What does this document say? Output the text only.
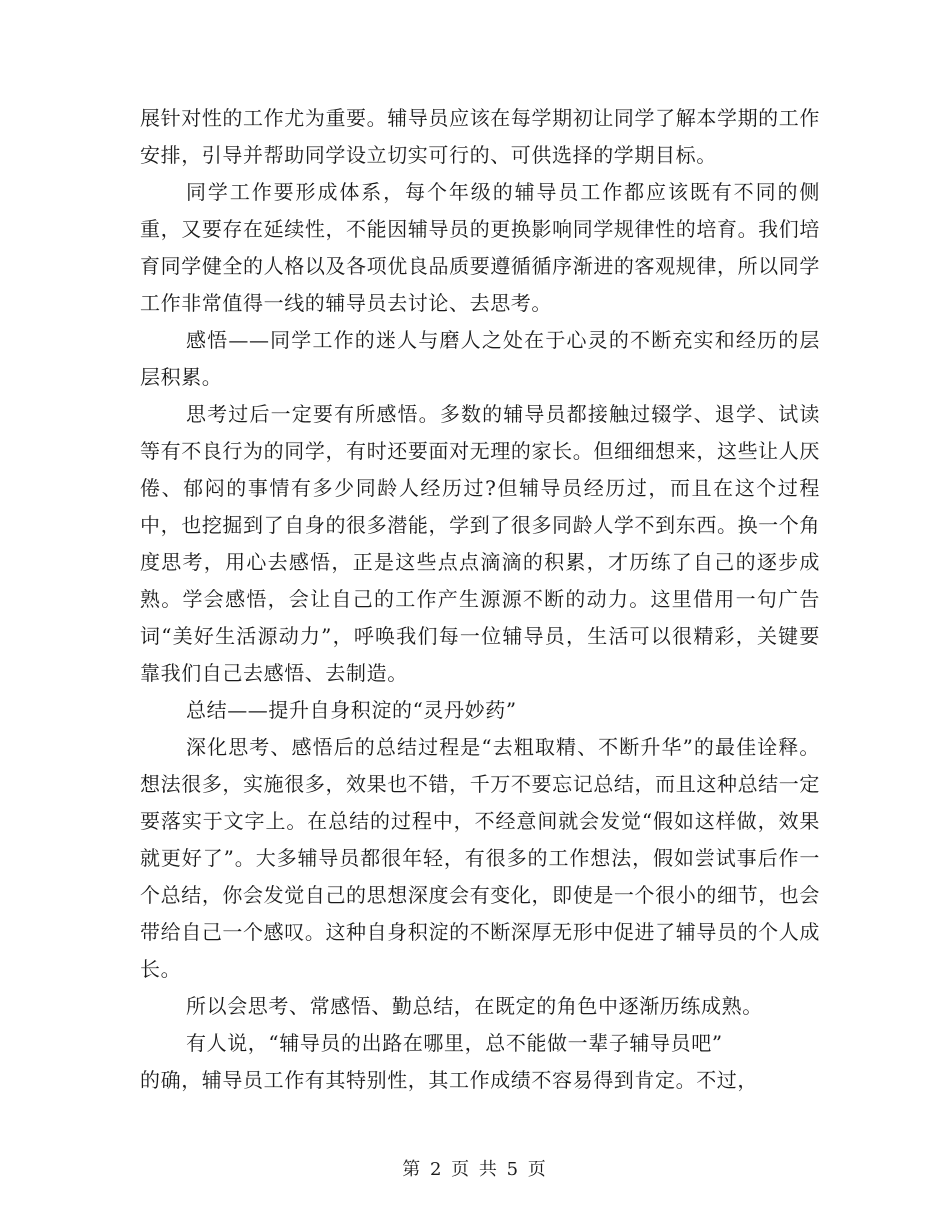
展针对性的工作尤为重要。辅导员应该在每学期初让同学了解本学期的工作安排，引导并帮助同学设立切实可行的、可供选择的学期目标。

同学工作要形成体系，每个年级的辅导员工作都应该既有不同的侧重，又要存在延续性，不能因辅导员的更换影响同学规律性的培育。我们培育同学健全的人格以及各项优良品质要遵循循序渐进的客观规律，所以同学工作非常值得一线的辅导员去讨论、去思考。

感悟——同学工作的迷人与磨人之处在于心灵的不断充实和经历的层层积累。

思考过后一定要有所感悟。多数的辅导员都接触过辍学、退学、试读等有不良行为的同学，有时还要面对无理的家长。但细细想来，这些让人厌倦、郁闷的事情有多少同龄人经历过?但辅导员经历过，而且在这个过程中，也挖掘到了自身的很多潜能，学到了很多同龄人学不到东西。换一个角度思考，用心去感悟，正是这些点点滴滴的积累，才历练了自己的逐步成熟。学会感悟，会让自己的工作产生源源不断的动力。这里借用一句广告词“美好生活源动力”，呼唤我们每一位辅导员，生活可以很精彩，关键要靠我们自己去感悟、去制造。

总结——提升自身积淀的“灵丹妙药”

深化思考、感悟后的总结过程是“去粗取精、不断升华”的最佳诠释。想法很多，实施很多，效果也不错，千万不要忘记总结，而且这种总结一定要落实于文字上。在总结的过程中，不经意间就会发觉“假如这样做，效果就更好了”。大多辅导员都很年轻，有很多的工作想法，假如尝试事后作一个总结，你会发觉自己的思想深度会有变化，即使是一个很小的细节，也会带给自己一个感叹。这种自身积淀的不断深厚无形中促进了辅导员的个人成长。

所以会思考、常感悟、勤总结，在既定的角色中逐渐历练成熟。

有人说，“辅导员的出路在哪里，总不能做一辈子辅导员吧”

的确，辅导员工作有其特别性，其工作成绩不容易得到肯定。不过，

第 2 页 共 5 页
